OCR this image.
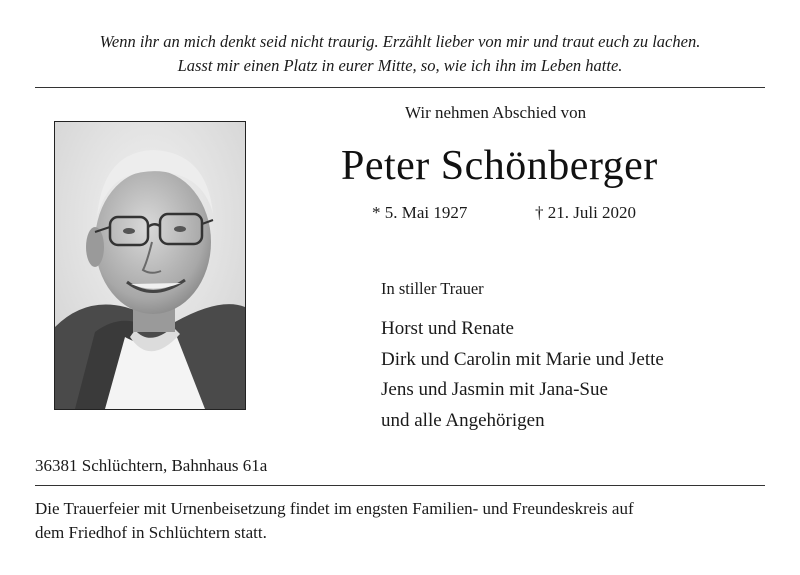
Wenn ihr an mich denkt seid nicht traurig. Erzählt lieber von mir und traut euch zu lachen.
Lasst mir einen Platz in eurer Mitte, so, wie ich ihn im Leben hatte.
Wir nehmen Abschied von
Peter Schönberger
* 5. Mai 1927	† 21. Juli 2020
In stiller Trauer
Horst und Renate
Dirk und Carolin mit Marie und Jette
Jens und Jasmin mit Jana-Sue
und alle Angehörigen
36381 Schlüchtern, Bahnhaus 61a
Die Trauerfeier mit Urnenbeisetzung findet im engsten Familien- und Freundeskreis auf
dem Friedhof in Schlüchtern statt.
